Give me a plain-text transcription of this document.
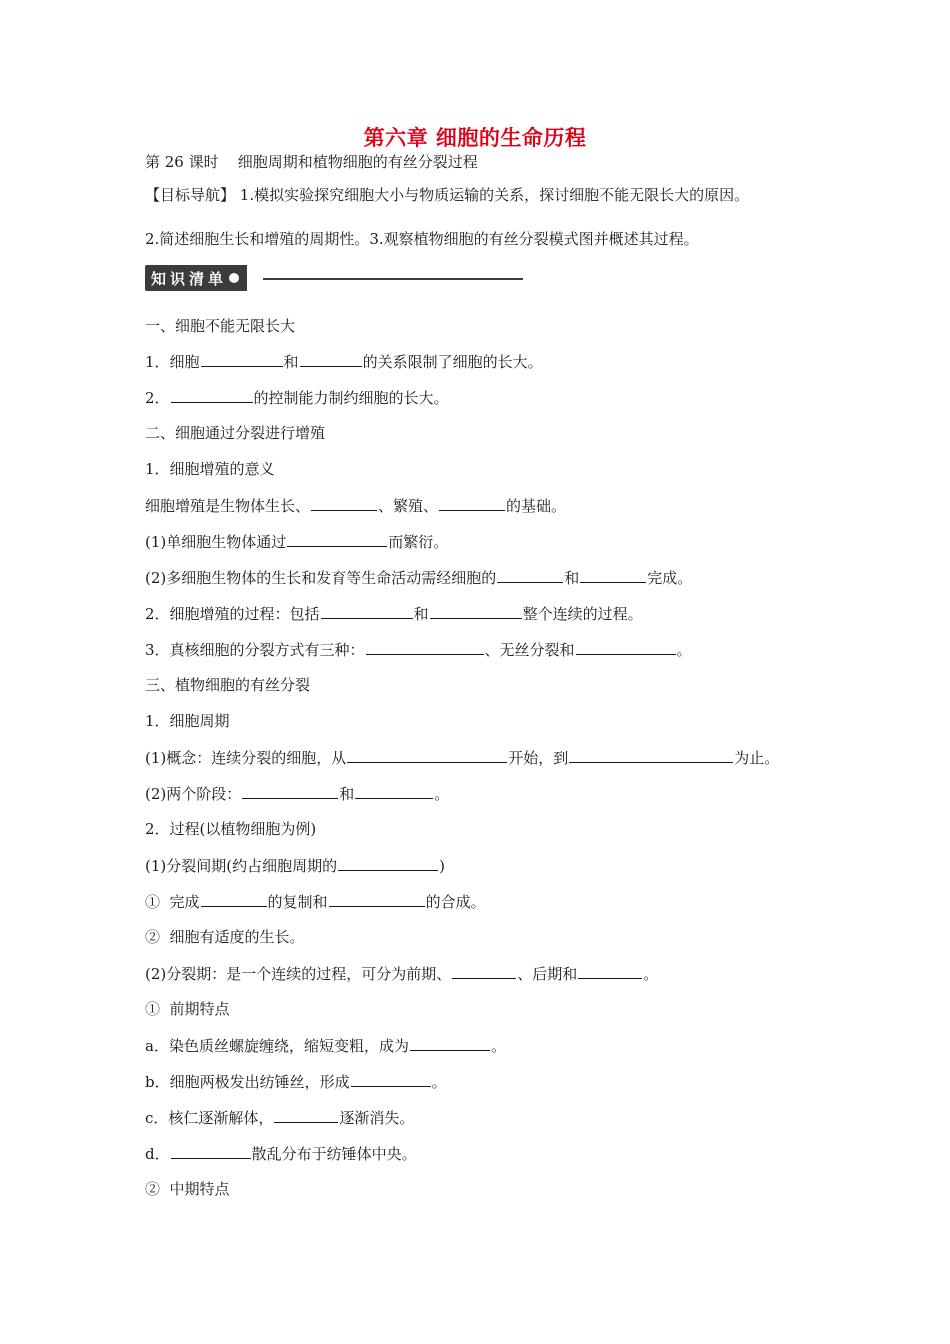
第六章 细胞的生命历程
第 26 课时    细胞周期和植物细胞的有丝分裂过程
【目标导航】 1.模拟实验探究细胞大小与物质运输的关系，探讨细胞不能无限长大的原因。
2.简述细胞生长和增殖的周期性。3.观察植物细胞的有丝分裂模式图并概述其过程。
知识清单
一、细胞不能无限长大
1．细胞	和	的关系限制了细胞的长大。
2．	的控制能力制约细胞的长大。
二、细胞通过分裂进行增殖
1．细胞增殖的意义
细胞增殖是生物体生长、	、繁殖、	的基础。
(1)单细胞生物体通过	而繁衍。
(2)多细胞生物体的生长和发育等生命活动需经细胞的	和	完成。
2．细胞增殖的过程：包括	和	整个连续的过程。
3．真核细胞的分裂方式有三种：	、无丝分裂和	。
三、植物细胞的有丝分裂
1．细胞周期
(1)概念：连续分裂的细胞，从	开始，到	为止。
(2)两个阶段：	和	。
2．过程(以植物细胞为例)
(1)分裂间期(约占细胞周期的	)
①  完成	的复制和	的合成。
②  细胞有适度的生长。
(2)分裂期：是一个连续的过程，可分为前期、	、后期和	。
①  前期特点
a．染色质丝螺旋缠绕，缩短变粗，成为	。
b．细胞两极发出纺锤丝，形成	。
c．核仁逐渐解体，	逐渐消失。
d．	散乱分布于纺锤体中央。
②  中期特点
